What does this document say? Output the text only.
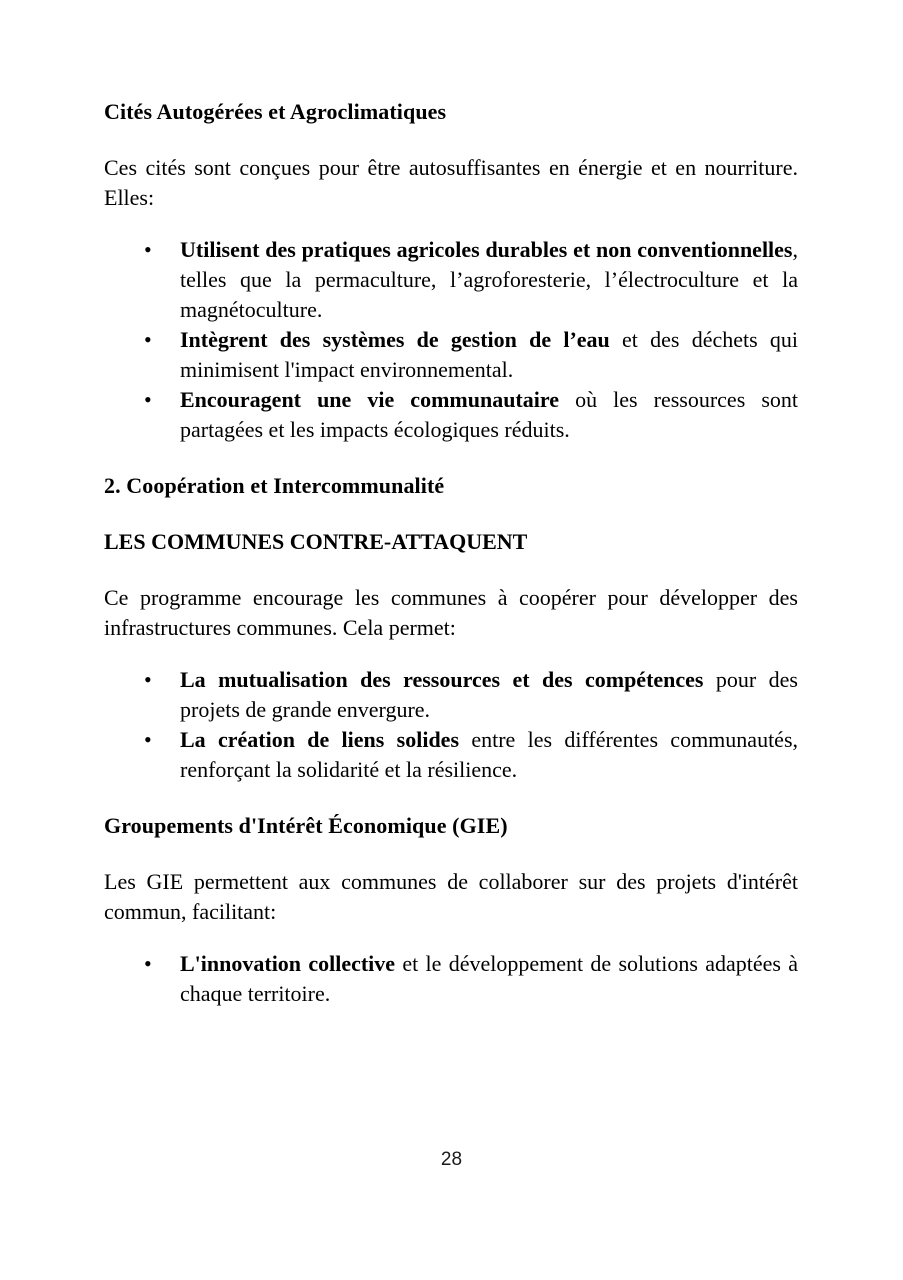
Cités Autogérées et Agroclimatiques

Ces cités sont conçues pour être autosuffisantes en énergie et en nourriture. Elles:

• Utilisent des pratiques agricoles durables et non conventionnelles, telles que la permaculture, l’agroforesterie, l’électroculture et la magnétoculture.
• Intègrent des systèmes de gestion de l’eau et des déchets qui minimisent l'impact environnemental.
• Encouragent une vie communautaire où les ressources sont partagées et les impacts écologiques réduits.
2. Coopération et Intercommunalité
LES COMMUNES CONTRE-ATTAQUENT

Ce programme encourage les communes à coopérer pour développer des infrastructures communes. Cela permet:

• La mutualisation des ressources et des compétences pour des projets de grande envergure.
• La création de liens solides entre les différentes communautés, renforçant la solidarité et la résilience.
Groupements d'Intérêt Économique (GIE)

Les GIE permettent aux communes de collaborer sur des projets d'intérêt commun, facilitant:

• L'innovation collective et le développement de solutions adaptées à chaque territoire.
28
